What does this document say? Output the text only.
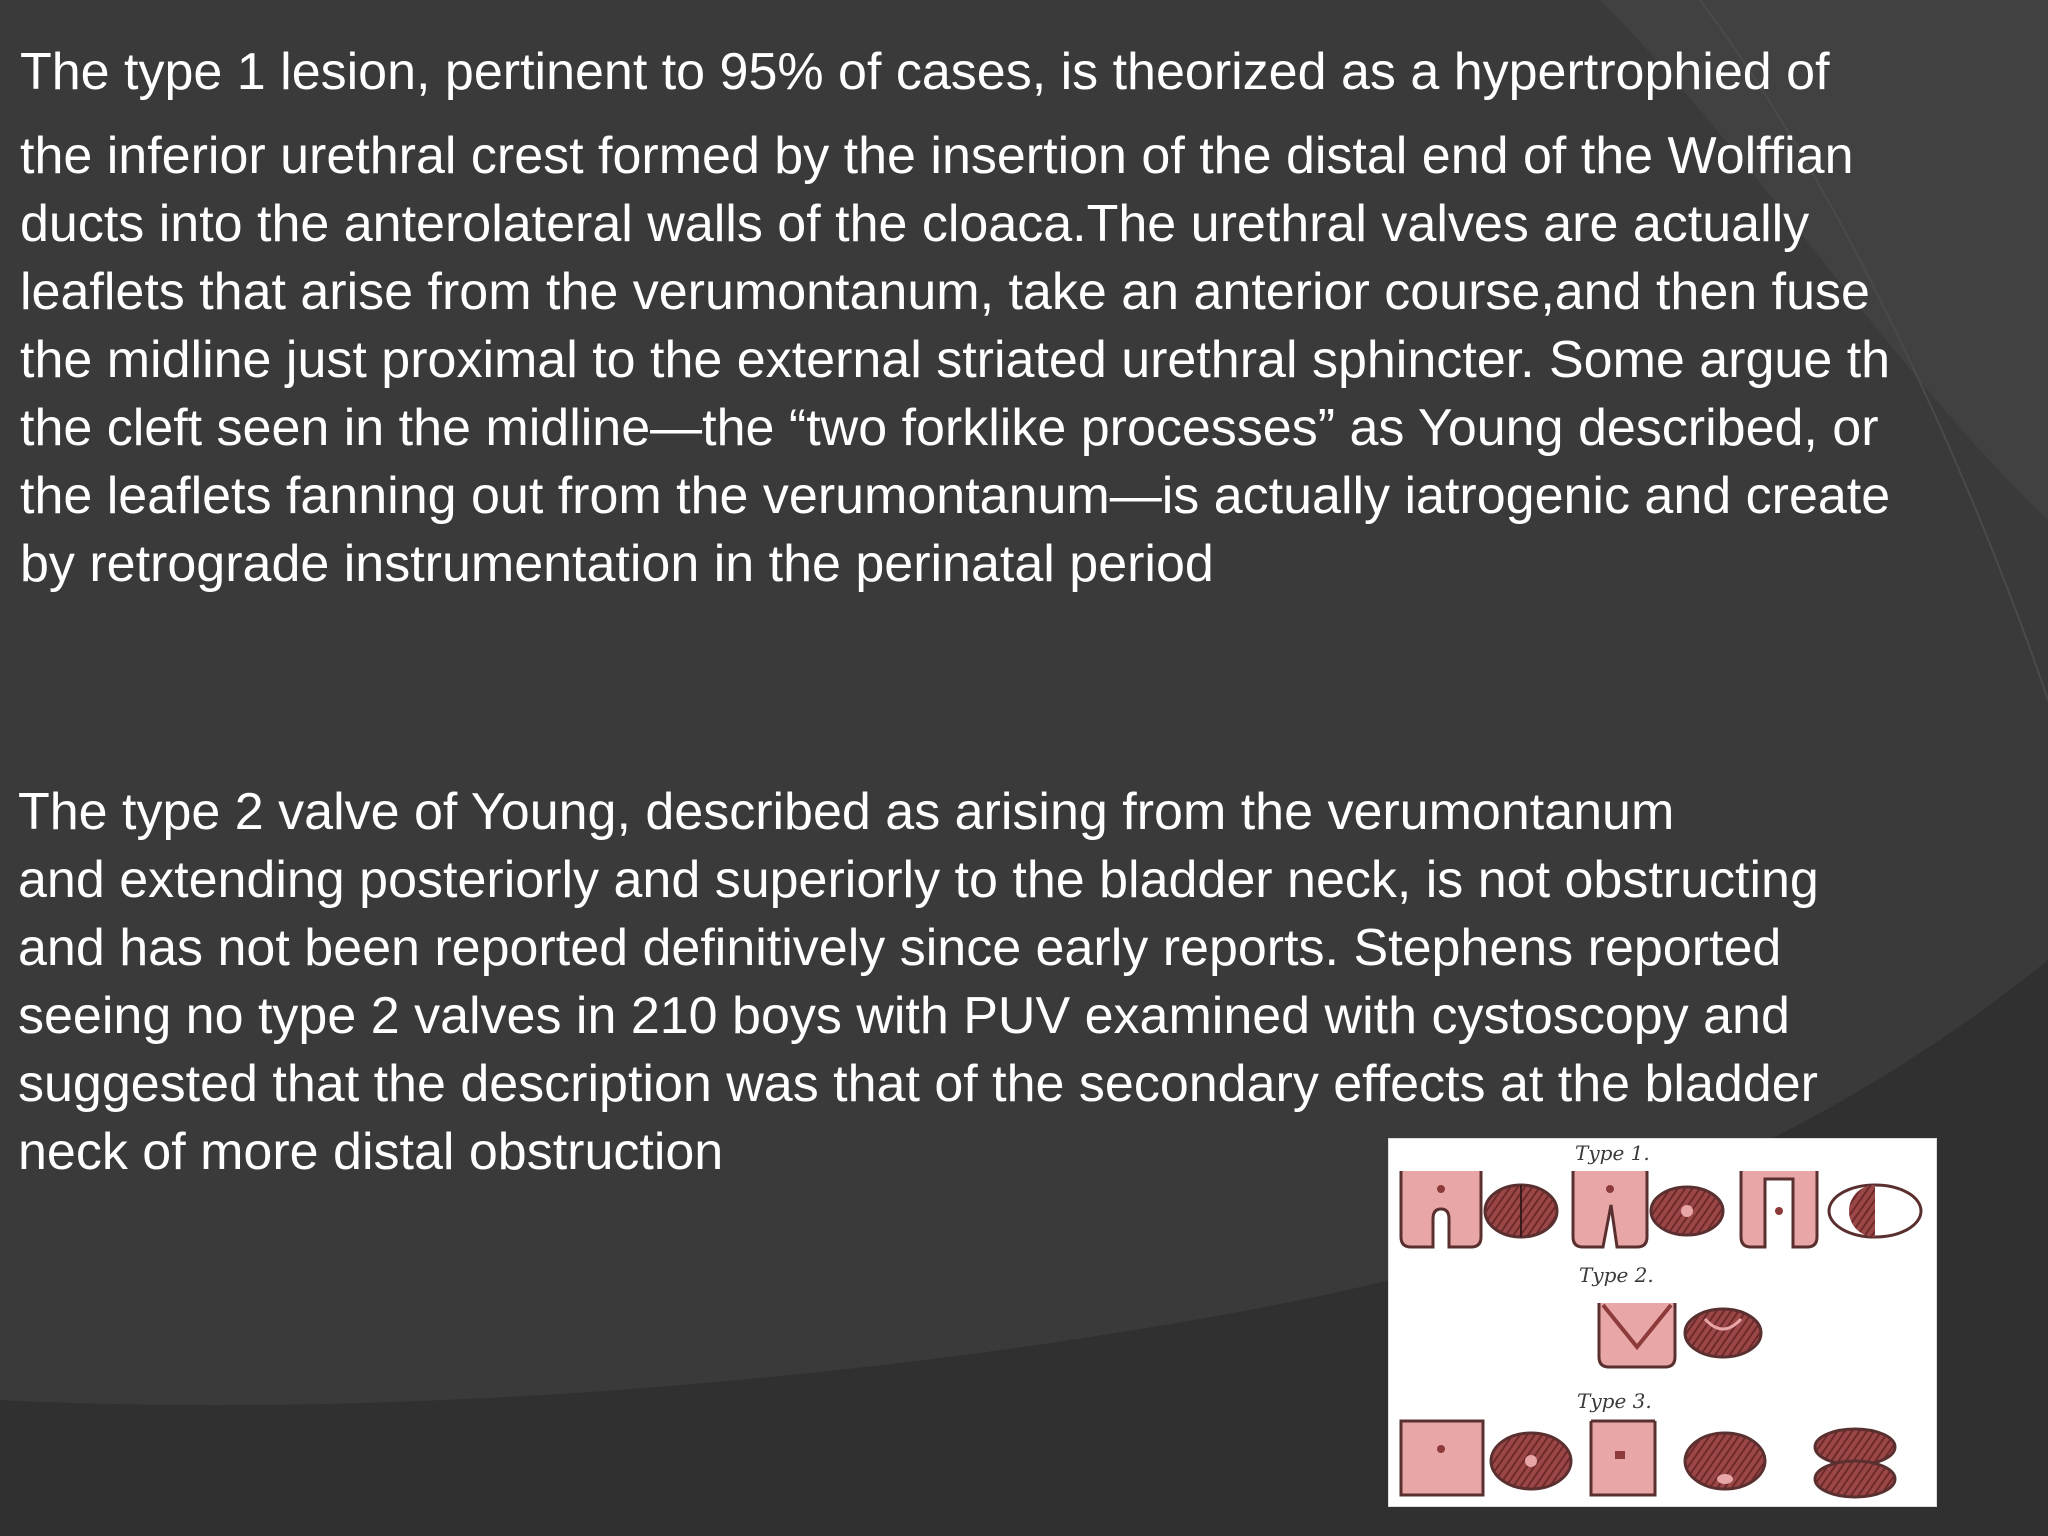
The type 1 lesion, pertinent to 95% of cases, is theorized as a hypertrophied of

the inferior urethral crest formed by the insertion of the distal end of the Wolffian

ducts into the anterolateral walls of the cloaca.The urethral valves are actually

leaflets that arise from the verumontanum, take an anterior course,and then fuse

the midline just proximal to the external striated urethral sphincter. Some argue th

the cleft seen in the midline—the “two forklike processes” as Young described, or

the leaflets fanning out from the verumontanum—is actually iatrogenic and create

by retrograde instrumentation in the perinatal period

The type 2 valve of Young, described as arising from the verumontanum

and extending posteriorly and superiorly to the bladder neck, is not obstructing

and has not been reported definitively since early reports. Stephens reported

seeing no type 2 valves in 210 boys with PUV examined with cystoscopy and

suggested that the description was that of the secondary effects at the bladder

neck of more distal obstruction	Type 1.
Type 2.
Type 3.
